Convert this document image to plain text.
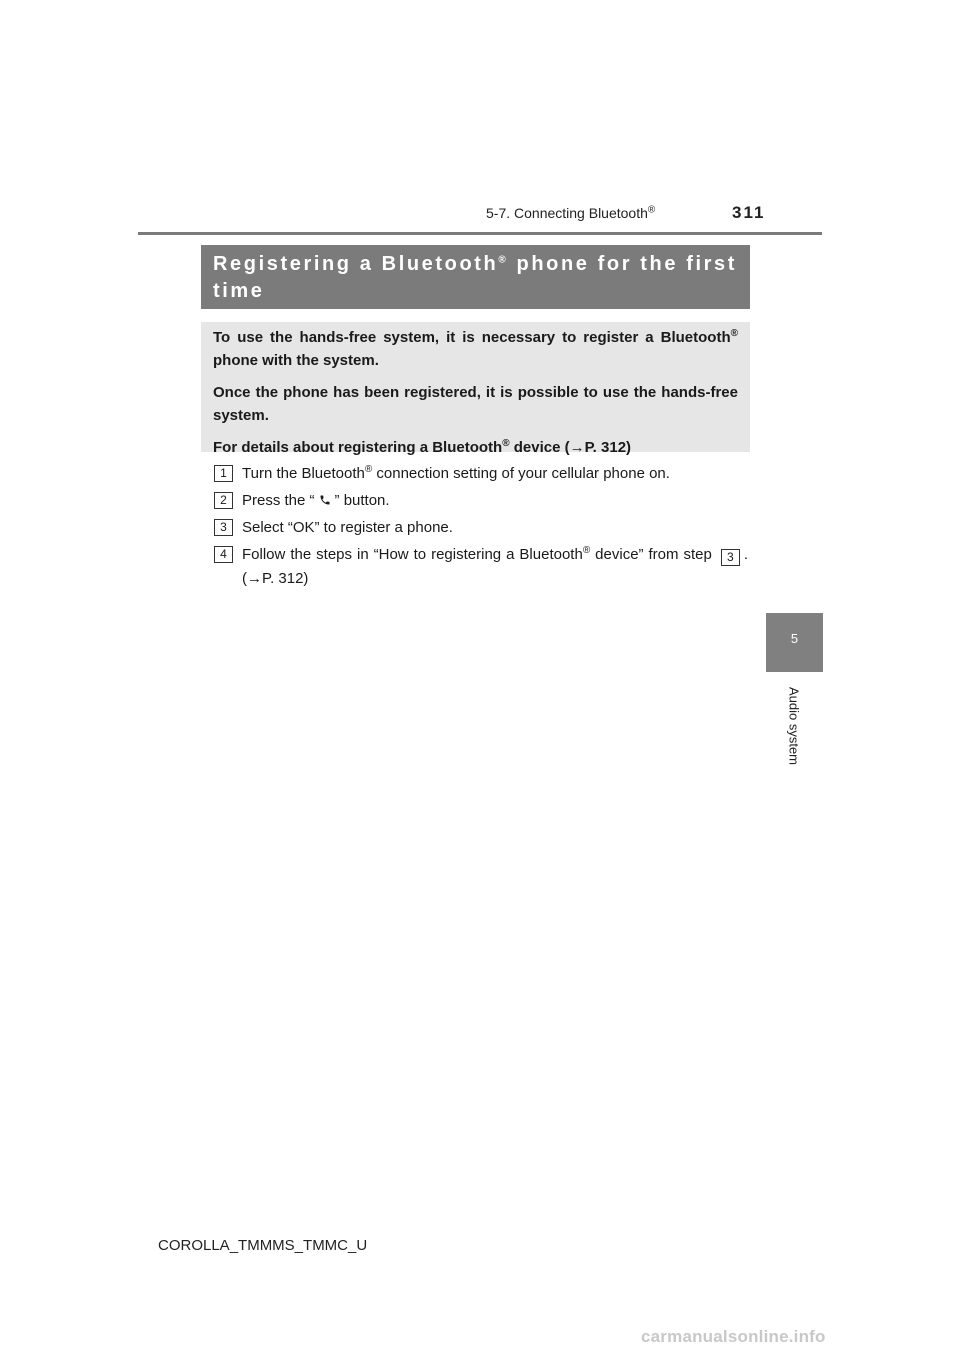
5-7. Connecting Bluetooth®	311
Registering a Bluetooth® phone for the first time

To use the hands-free system, it is necessary to register a Bluetooth® phone with the system.

Once the phone has been registered, it is possible to use the hands-free system.

For details about registering a Bluetooth® device (→P. 312)

1	Turn the Bluetooth® connection setting of your cellular phone on.
2	Press the “ ” button.
3	Select “OK” to register a phone.
4	Follow the steps in “How to registering a Bluetooth® device” from step 3 . (→P. 312)
5
Audio system
COROLLA_TMMMS_TMMC_U
carmanualsonline.info
